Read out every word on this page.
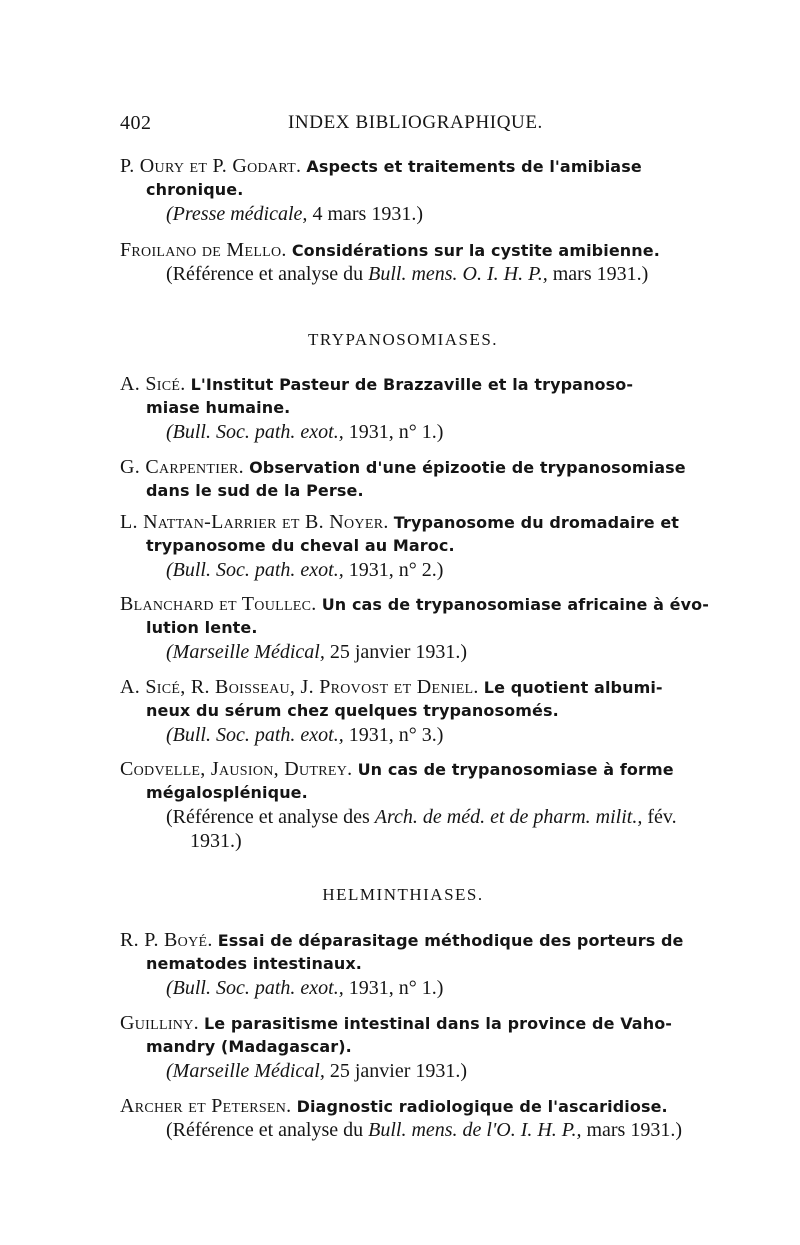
402	INDEX BIBLIOGRAPHIQUE.
P. Oury et P. Godart. Aspects et traitements de l'amibiase
chronique.
(Presse médicale, 4 mars 1931.)
Froilano de Mello. Considérations sur la cystite amibienne.
(Référence et analyse du Bull. mens. O. I. H. P., mars 1931.)
TRYPANOSOMIASES.
A. Sicé. L'Institut Pasteur de Brazzaville et la trypanoso-
miase humaine.
(Bull. Soc. path. exot., 1931, n° 1.)
G. Carpentier. Observation d'une épizootie de trypanosomiase
dans le sud de la Perse.
L. Nattan-Larrier et B. Noyer. Trypanosome du dromadaire et
trypanosome du cheval au Maroc.
(Bull. Soc. path. exot., 1931, n° 2.)
Blanchard et Toullec. Un cas de trypanosomiase africaine à évo-
lution lente.
(Marseille Médical, 25 janvier 1931.)
A. Sicé, R. Boisseau, J. Provost et Deniel. Le quotient albumi-
neux du sérum chez quelques trypanosomés.
(Bull. Soc. path. exot., 1931, n° 3.)
Codvelle, Jausion, Dutrey. Un cas de trypanosomiase à forme
mégalosplénique.
(Référence et analyse des Arch. de méd. et de pharm. milit., fév.
1931.)
HELMINTHIASES.
R. P. Boyé. Essai de déparasitage méthodique des porteurs de
nematodes intestinaux.
(Bull. Soc. path. exot., 1931, n° 1.)
Guilliny. Le parasitisme intestinal dans la province de Vaho-
mandry (Madagascar).
(Marseille Médical, 25 janvier 1931.)
Archer et Petersen. Diagnostic radiologique de l'ascaridiose.
(Référence et analyse du Bull. mens. de l'O. I. H. P., mars 1931.)
